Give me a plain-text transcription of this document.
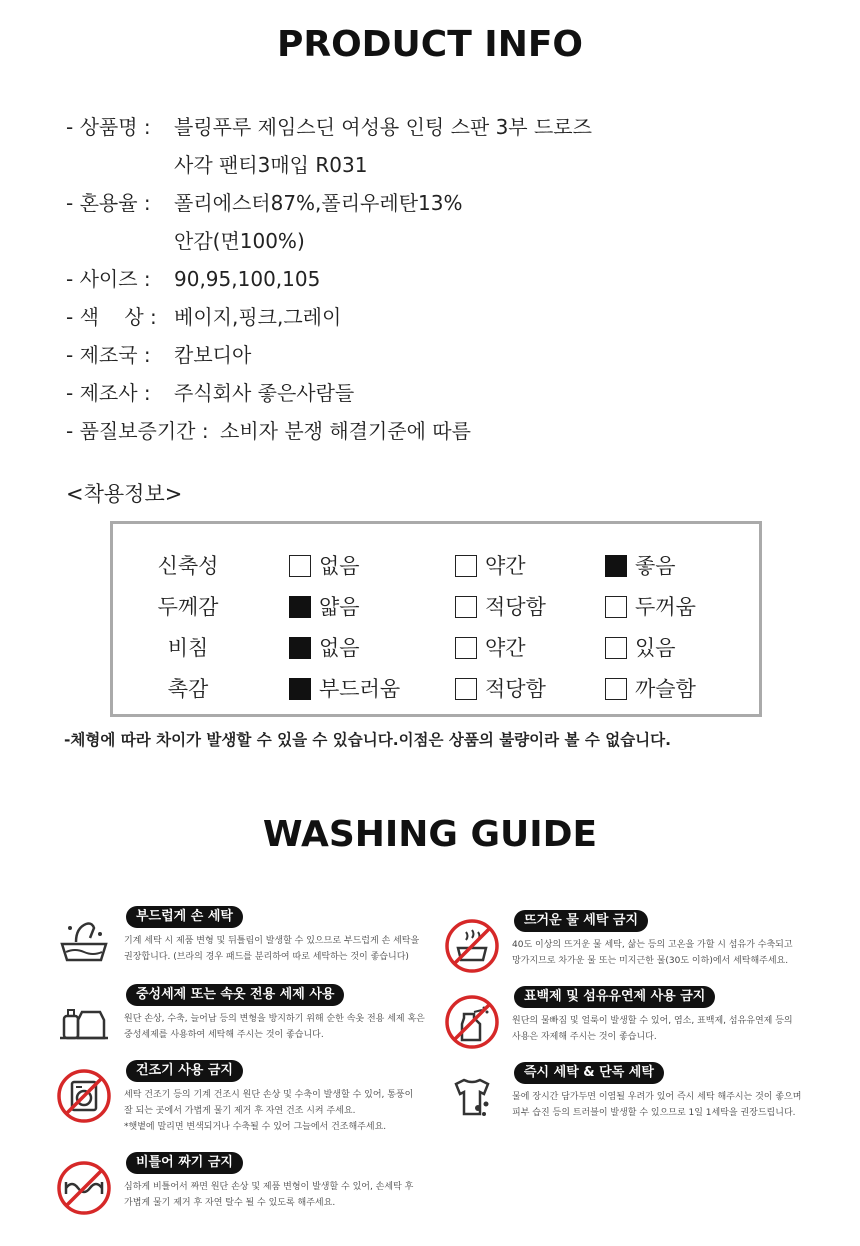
PRODUCT INFO
- 상품명 : 블링푸루 제임스딘 여성용 인팅 스판 3부 드로즈
사각 팬티3매입 R031
- 혼용율 : 폴리에스터87%,폴리우레탄13%
안감(면100%)
- 사이즈 : 90,95,100,105
- 색    상 : 베이지,핑크,그레이
- 제조국 : 캄보디아
- 제조사 : 주식회사 좋은사람들
- 품질보증기간 : 소비자 분쟁 해결기준에 따름
<착용정보>
신축성	없음	약간	좋음
두께감	얇음	적당함	두꺼움
비침	없음	약간	있음
촉감	부드러움	적당함	까슬함
-체형에 따라 차이가 발생할 수 있을 수 있습니다.이점은 상품의 불량이라 볼 수 없습니다.
WASHING GUIDE
부드럽게 손 세탁
기계 세탁 시 제품 변형 및 뒤틀림이 발생할 수 있으므로 부드럽게 손 세탁을
권장합니다. (브라의 경우 패드를 분리하여 따로 세탁하는 것이 좋습니다)
뜨거운 물 세탁 금지
40도 이상의 뜨거운 물 세탁, 삶는 등의 고온을 가할 시 섬유가 수축되고
망가지므로 차가운 물 또는 미지근한 물(30도 이하)에서 세탁해주세요.
중성세제 또는 속옷 전용 세제 사용
원단 손상, 수축, 늘어남 등의 변형을 방지하기 위해 순한 속옷 전용 세제 혹은
중성세제를 사용하여 세탁해 주시는 것이 좋습니다.
표백제 및 섬유유연제 사용 금지
원단의 물빠짐 및 얼룩이 발생할 수 있어, 염소, 표백제, 섬유유연제 등의
사용은 자제해 주시는 것이 좋습니다.
건조기 사용 금지
세탁 건조기 등의 기계 건조시 원단 손상 및 수축이 발생할 수 있어, 통풍이
잘 되는 곳에서 가볍게 물기 제거 후 자연 건조 시켜 주세요.
*햇볕에 말리면 변색되거나 수축될 수 있어 그늘에서 건조해주세요.
즉시 세탁 & 단독 세탁
물에 장시간 담가두면 이염될 우려가 있어 즉시 세탁 해주시는 것이 좋으며
피부 습진 등의 트러블이 발생할 수 있으므로 1일 1세탁을 권장드립니다.
비틀어 짜기 금지
심하게 비틀어서 짜면 원단 손상 및 제품 변형이 발생할 수 있어, 손세탁 후
가볍게 물기 제거 후 자연 탈수 될 수 있도록 해주세요.
